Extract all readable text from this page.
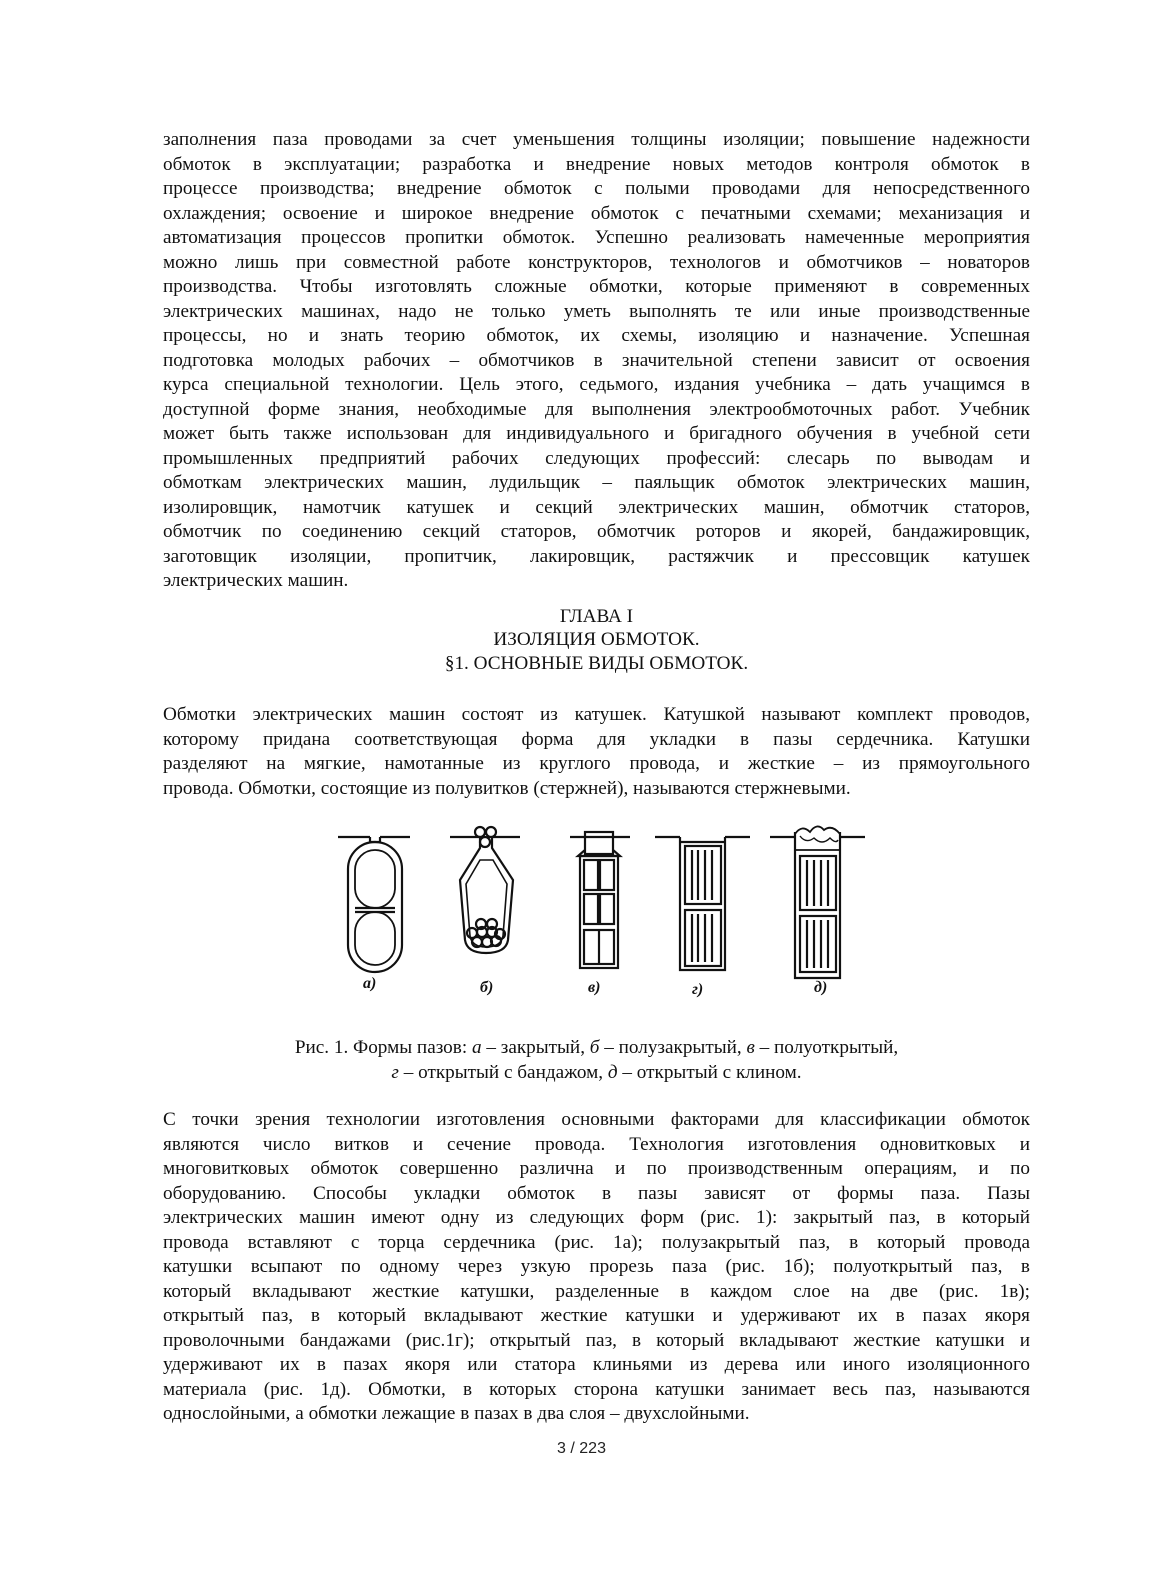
заполнения паза проводами за счет уменьшения толщины изоляции; повышение надежности
обмоток в эксплуатации; разработка и внедрение новых методов контроля обмоток в
процессе производства; внедрение обмоток с полыми проводами для непосредственного
охлаждения; освоение и широкое внедрение обмоток с печатными схемами; механизация и
автоматизация процессов пропитки обмоток. Успешно реализовать намеченные мероприятия
можно лишь при совместной работе конструкторов, технологов и обмотчиков – новаторов
производства. Чтобы изготовлять сложные обмотки, которые применяют в современных
электрических машинах, надо не только уметь выполнять те или иные производственные
процессы, но и знать теорию обмоток, их схемы, изоляцию и назначение. Успешная
подготовка молодых рабочих – обмотчиков в значительной степени зависит от освоения
курса специальной технологии. Цель этого, седьмого, издания учебника – дать учащимся в
доступной форме знания, необходимые для выполнения электрообмоточных работ. Учебник
может быть также использован для индивидуального и бригадного обучения в учебной сети
промышленных предприятий рабочих следующих профессий: слесарь по выводам и
обмоткам электрических машин, лудильщик – паяльщик обмоток электрических машин,
изолировщик, намотчик катушек и секций электрических машин, обмотчик статоров,
обмотчик по соединению секций статоров, обмотчик роторов и якорей, бандажировщик,
заготовщик изоляции, пропитчик, лакировщик, растяжчик и прессовщик катушек
электрических машин.
ГЛАВА I
ИЗОЛЯЦИЯ ОБМОТОК.
§1. ОСНОВНЫЕ ВИДЫ ОБМОТОК.
Обмотки электрических машин состоят из катушек. Катушкой называют комплект проводов,
которому придана соответствующая форма для укладки в пазы сердечника. Катушки
разделяют на мягкие, намотанные из круглого провода, и жесткие – из прямоугольного
провода. Обмотки, состоящие из полувитков (стержней), называются стержневыми.
а)	б)	в)	г)	д)
Рис. 1. Формы пазов: а – закрытый, б – полузакрытый, в – полуоткрытый,
г – открытый с бандажом, д – открытый с клином.
С точки зрения технологии изготовления основными факторами для классификации обмоток
являются число витков и сечение провода. Технология изготовления одновитковых и
многовитковых обмоток совершенно различна и по производственным операциям, и по
оборудованию. Способы укладки обмоток в пазы зависят от формы паза. Пазы
электрических машин имеют одну из следующих форм (рис. 1): закрытый паз, в который
провода вставляют с торца сердечника (рис. 1а); полузакрытый паз, в который провода
катушки всыпают по одному через узкую прорезь паза (рис. 1б); полуоткрытый паз, в
который вкладывают жесткие катушки, разделенные в каждом слое на две (рис. 1в);
открытый паз, в который вкладывают жесткие катушки и удерживают их в пазах якоря
проволочными бандажами (рис.1г); открытый паз, в который вкладывают жесткие катушки и
удерживают их в пазах якоря или статора клиньями из дерева или иного изоляционного
материала (рис. 1д). Обмотки, в которых сторона катушки занимает весь паз, называются
однослойными, а обмотки лежащие в пазах в два слоя – двухслойными.
3 / 223
